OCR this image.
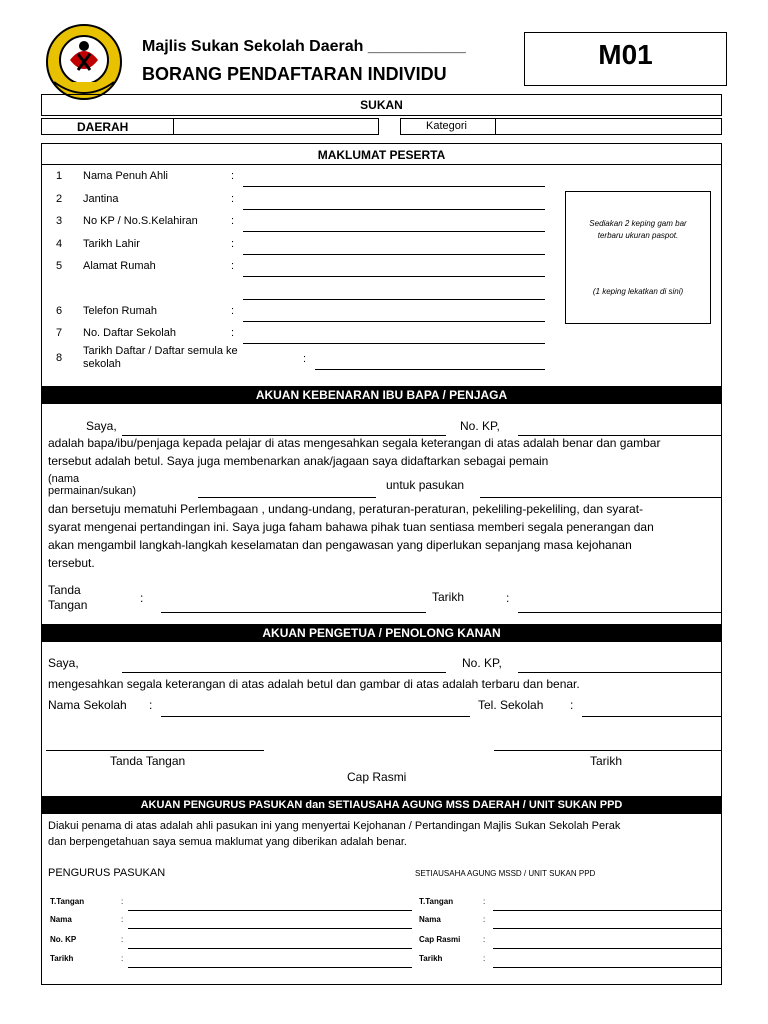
Majlis Sukan Sekolah Daerah ___________
BORANG PENDAFTARAN INDIVIDU
M01
SUKAN
DAERAH	Kategori
MAKLUMAT PESERTA
1 Nama Penuh Ahli	:
2 Jantina	:
3 No KP / No.S.Kelahiran	:
4 Tarikh Lahir	:
5 Alamat Rumah	:
6 Telefon Rumah	:
7 No. Daftar Sekolah	:
8
Tarikh Daftar / Daftar semula ke
sekolah	:
Sediakan 2 keping gam bar
terbaru ukuran paspot.
(1 keping lekatkan di sini)
AKUAN KEBENARAN IBU BAPA / PENJAGA
Saya,	No. KP,
adalah bapa/ibu/penjaga kepada pelajar di atas mengesahkan segala keterangan di atas adalah benar dan gambar
tersebut adalah betul. Saya juga membenarkan anak/jagaan saya didaftarkan sebagai pemain
(nama
permainan/sukan)	untuk pasukan
dan bersetuju mematuhi Perlembagaan , undang-undang, peraturan-peraturan, pekeliling-pekeliling, dan syarat-
syarat mengenai pertandingan ini. Saya juga faham bahawa pihak tuan sentiasa memberi segala penerangan dan
akan mengambil langkah-langkah keselamatan dan pengawasan yang diperlukan sepanjang masa kejohanan
tersebut.
Tanda
Tangan	:	Tarikh	:
AKUAN PENGETUA / PENOLONG KANAN
Saya,	No. KP,
mengesahkan segala keterangan di atas adalah betul dan gambar di atas adalah terbaru dan benar.
Nama Sekolah :	Tel. Sekolah :
Tanda Tangan	Tarikh
Cap Rasmi
AKUAN PENGURUS PASUKAN dan SETIAUSAHA AGUNG MSS DAERAH / UNIT SUKAN PPD
Diakui penama di atas adalah ahli pasukan ini yang menyertai Kejohanan / Pertandingan Majlis Sukan Sekolah Perak
dan berpengetahuan saya semua maklumat yang diberikan adalah benar.
PENGURUS PASUKAN	SETIAUSAHA AGUNG MSSD / UNIT SUKAN PPD
T.Tangan	:
Nama	:
No. KP	:
Tarikh	:
T.Tangan	:
Nama	:
Cap Rasmi	:
Tarikh	:
